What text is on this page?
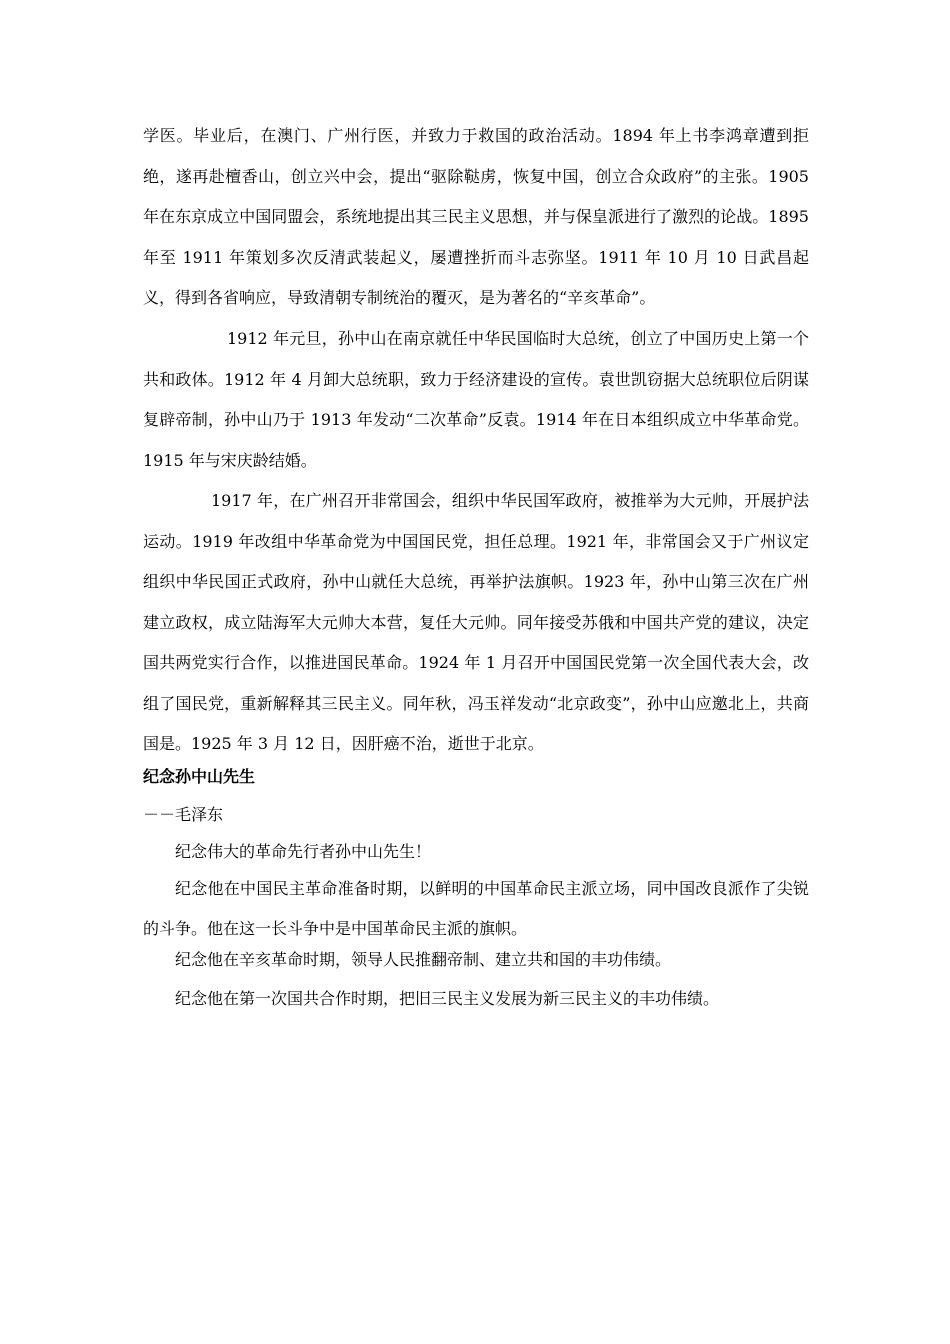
学医。毕业后，在澳门、广州行医，并致力于救国的政治活动。1894 年上书李鸿章遭到拒绝，遂再赴檀香山，创立兴中会，提出“驱除鞑虏，恢复中国，创立合众政府”的主张。1905 年在东京成立中国同盟会，系统地提出其三民主义思想，并与保皇派进行了激烈的论战。1895 年至 1911 年策划多次反清武装起义，屡遭挫折而斗志弥坚。1911 年 10 月 10 日武昌起义，得到各省响应，导致清朝专制统治的覆灭，是为著名的“辛亥革命”。

1912 年元旦，孙中山在南京就任中华民国临时大总统，创立了中国历史上第一个共和政体。1912 年 4 月卸大总统职，致力于经济建设的宣传。袁世凯窃据大总统职位后阴谋复辟帝制，孙中山乃于 1913 年发动“二次革命”反袁。1914 年在日本组织成立中华革命党。1915 年与宋庆龄结婚。

1917 年，在广州召开非常国会，组织中华民国军政府，被推举为大元帅，开展护法运动。1919 年改组中华革命党为中国国民党，担任总理。1921 年，非常国会又于广州议定组织中华民国正式政府，孙中山就任大总统，再举护法旗帜。1923 年，孙中山第三次在广州建立政权，成立陆海军大元帅大本营，复任大元帅。同年接受苏俄和中国共产党的建议，决定国共两党实行合作，以推进国民革命。1924 年 1 月召开中国国民党第一次全国代表大会，改组了国民党，重新解释其三民主义。同年秋，冯玉祥发动“北京政变”，孙中山应邀北上，共商国是。1925 年 3 月 12 日，因肝癌不治，逝世于北京。

纪念孙中山先生

－－毛泽东

纪念伟大的革命先行者孙中山先生！

纪念他在中国民主革命准备时期，以鲜明的中国革命民主派立场，同中国改良派作了尖锐的斗争。他在这一长斗争中是中国革命民主派的旗帜。

纪念他在辛亥革命时期，领导人民推翻帝制、建立共和国的丰功伟绩。

纪念他在第一次国共合作时期，把旧三民主义发展为新三民主义的丰功伟绩。
